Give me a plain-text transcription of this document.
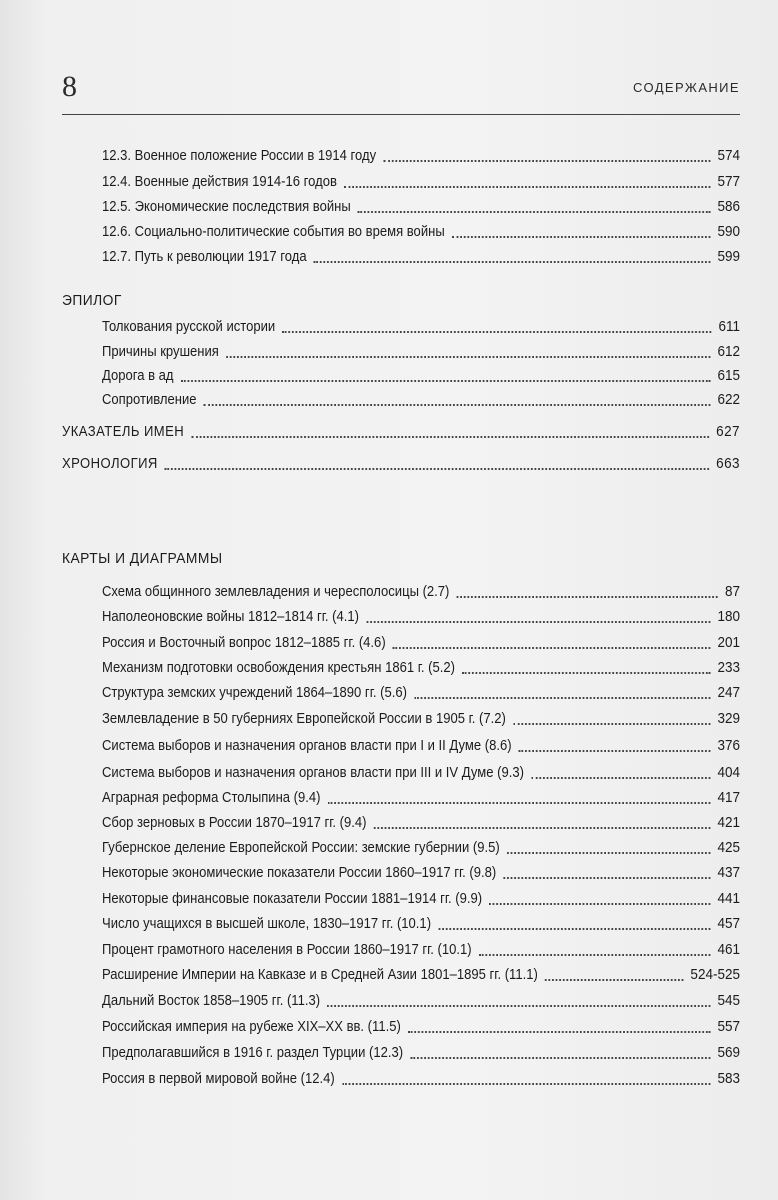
8	СОДЕРЖАНИЕ
12.3. Военное положение России в 1914 году	574
12.4. Военные действия 1914-16 годов	577
12.5. Экономические последствия войны	586
12.6. Социально-политические события во время войны	590
12.7. Путь к революции 1917 года	599
ЭПИЛОГ
Толкования русской истории	611
Причины крушения	612
Дорога в ад	615
Сопротивление	622
УКАЗАТЕЛЬ ИМЕН	627
ХРОНОЛОГИЯ	663
КАРТЫ И ДИАГРАММЫ
Схема общинного землевладения и чересполосицы (2.7)	87
Наполеоновские войны 1812–1814 гг. (4.1)	180
Россия и Восточный вопрос 1812–1885 гг. (4.6)	201
Механизм подготовки освобождения крестьян 1861 г. (5.2)	233
Структура земских учреждений 1864–1890 гг. (5.6)	247
Землевладение в 50 губерниях Европейской России в 1905 г. (7.2)	329
Система выборов и назначения органов власти при I и II Думе (8.6)	376
Система выборов и назначения органов власти при III и IV Думе (9.3)	404
Аграрная реформа Столыпина (9.4)	417
Сбор зерновых в России 1870–1917 гг. (9.4)	421
Губернское деление Европейской России: земские губернии (9.5)	425
Некоторые экономические показатели России 1860–1917 гг. (9.8)	437
Некоторые финансовые показатели России 1881–1914 гг. (9.9)	441
Число учащихся в высшей школе, 1830–1917 гг. (10.1)	457
Процент грамотного населения в России 1860–1917 гг. (10.1)	461
Расширение Империи на Кавказе и в Средней Азии 1801–1895 гг. (11.1)	524-525
Дальний Восток 1858–1905 гг. (11.3)	545
Российская империя на рубеже XIX–XX вв. (11.5)	557
Предполагавшийся в 1916 г. раздел Турции (12.3)	569
Россия в первой мировой войне (12.4)	583
